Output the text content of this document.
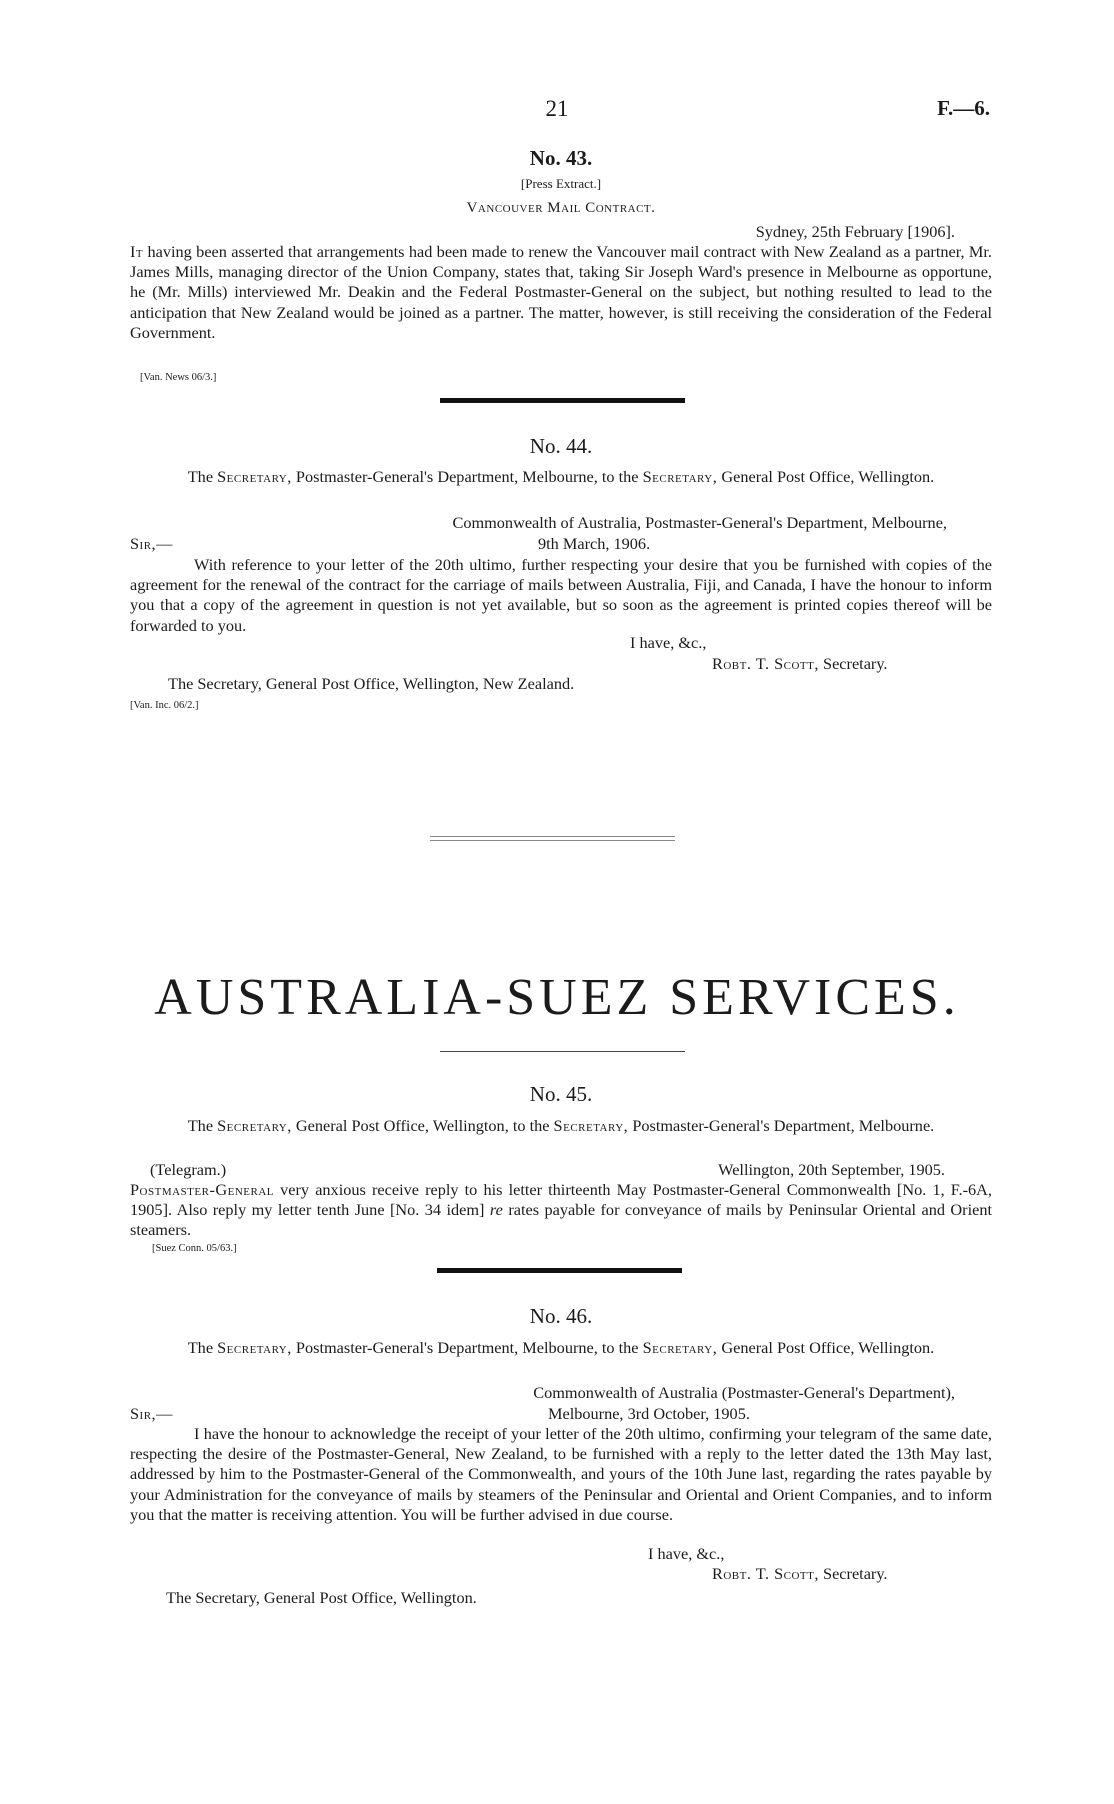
21	F.—6.
No. 43.
[Press Extract.]
Vancouver Mail Contract.
Sydney, 25th February [1906].
It having been asserted that arrangements had been made to renew the Vancouver mail contract with New Zealand as a partner, Mr. James Mills, managing director of the Union Company, states that, taking Sir Joseph Ward's presence in Melbourne as opportune, he (Mr. Mills) interviewed Mr. Deakin and the Federal Postmaster-General on the subject, but nothing resulted to lead to the anticipation that New Zealand would be joined as a partner. The matter, however, is still receiving the consideration of the Federal Government.
[Van. News 06/3.]
No. 44.
The Secretary, Postmaster-General's Department, Melbourne, to the Secretary, General Post Office, Wellington.
Commonwealth of Australia, Postmaster-General's Department, Melbourne,
Sir,—	9th March, 1906.
With reference to your letter of the 20th ultimo, further respecting your desire that you be furnished with copies of the agreement for the renewal of the contract for the carriage of mails between Australia, Fiji, and Canada, I have the honour to inform you that a copy of the agreement in question is not yet available, but so soon as the agreement is printed copies thereof will be forwarded to you.
I have, &c.,
Robt. T. Scott, Secretary.
The Secretary, General Post Office, Wellington, New Zealand.
[Van. Inc. 06/2.]
AUSTRALIA-SUEZ SERVICES.
No. 45.
The Secretary, General Post Office, Wellington, to the Secretary, Postmaster-General's Department, Melbourne.
(Telegram.)	Wellington, 20th September, 1905.
Postmaster-General very anxious receive reply to his letter thirteenth May Postmaster-General Commonwealth [No. 1, F.-6A, 1905]. Also reply my letter tenth June [No. 34 idem] re rates payable for conveyance of mails by Peninsular Oriental and Orient steamers.
[Suez Conn. 05/63.]
No. 46.
The Secretary, Postmaster-General's Department, Melbourne, to the Secretary, General Post Office, Wellington.
Commonwealth of Australia (Postmaster-General's Department),
Sir,—	Melbourne, 3rd October, 1905.
I have the honour to acknowledge the receipt of your letter of the 20th ultimo, confirming your telegram of the same date, respecting the desire of the Postmaster-General, New Zealand, to be furnished with a reply to the letter dated the 13th May last, addressed by him to the Postmaster-General of the Commonwealth, and yours of the 10th June last, regarding the rates payable by your Administration for the conveyance of mails by steamers of the Peninsular and Oriental and Orient Companies, and to inform you that the matter is receiving attention. You will be further advised in due course.
I have, &c.,
Robt. T. Scott, Secretary.
The Secretary, General Post Office, Wellington.
